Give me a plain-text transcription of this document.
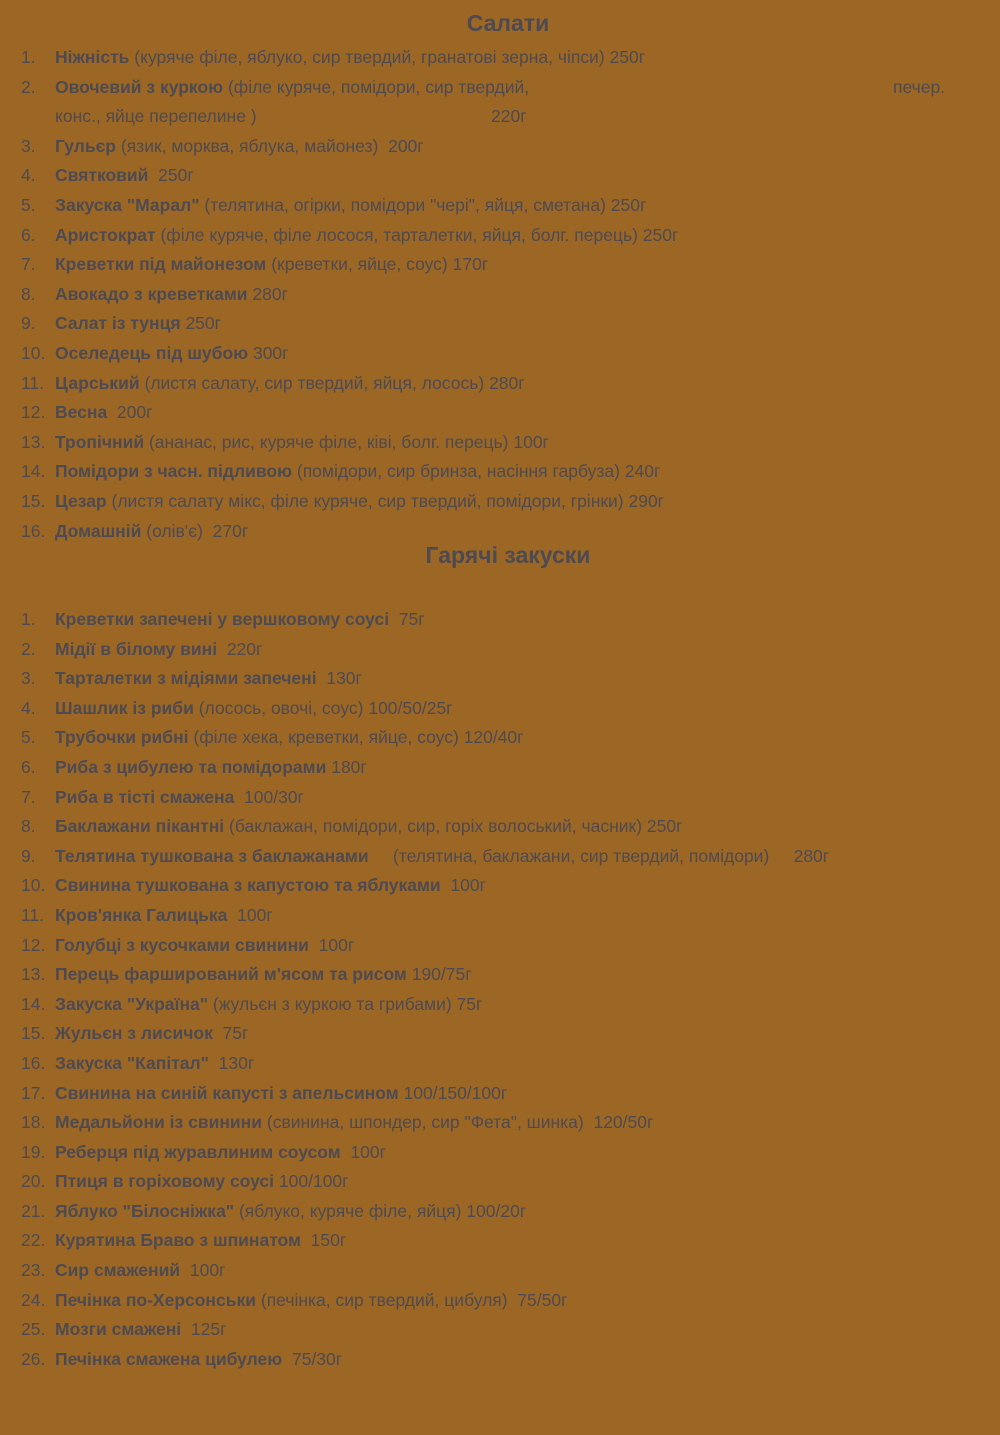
Салати
1. Ніжність (куряче філе, яблуко, сир твердий, гранатові зерна, чіпси) 250г
2. Овочевий з куркою (філе куряче, помідори, сир твердий,	печер.
конс., яйце перепелине )	220г
3. Гульєр (язик, морква, яблука, майонез)  200г
4. Святковий  250г
5. Закуска "Марал" (телятина, огірки, помідори "чері", яйця, сметана) 250г
6. Аристократ (філе куряче, філе лосося, тарталетки, яйця, болг. перець) 250г
7. Креветки під майонезом (креветки, яйце, соус) 170г
8. Авокадо з креветками 280г
9. Салат із тунця 250г
10. Оселедець під шубою 300г
11. Царський (листя салату, сир твердий, яйця, лосось) 280г
12. Весна  200г
13. Тропічний (ананас, рис, куряче філе, ківі, болг. перець) 100г
14. Помідори з часн. підливою (помідори, сир бринза, насіння гарбуза) 240г
15. Цезар (листя салату мікс, філе куряче, сир твердий, помідори, грінки) 290г
16. Домашній (олів'є)  270г
Гарячі закуски
1. Креветки запечені у вершковому соусі  75г
2. Мідії в білому вині  220г
3. Тарталетки з мідіями запечені  130г
4. Шашлик із риби (лосось, овочі, соус) 100/50/25г
5. Трубочки рибні (філе хека, креветки, яйце, соус) 120/40г
6. Риба з цибулею та помідорами 180г
7. Риба в тісті смажена  100/30г
8. Баклажани пікантні (баклажан, помідори, сир, горіх волоський, часник) 250г
9. Телятина тушкована з баклажанами     (телятина, баклажани, сир твердий, помідори)     280г
10. Свинина тушкована з капустою та яблуками  100г
11. Кров'янка Галицька  100г
12. Голубці з кусочками свинини  100г
13. Перець фарширований м'ясом та рисом 190/75г
14. Закуска "Україна" (жульєн з куркою та грибами) 75г
15. Жульєн з лисичок  75г
16. Закуска "Капітал"  130г
17. Свинина на синій капусті з апельсином 100/150/100г
18. Медальйони із свинини (свинина, шпондер, сир "Фета", шинка)  120/50г
19. Реберця під журавлиним соусом  100г
20. Птиця в горіховому соусі 100/100г
21. Яблуко "Білосніжка" (яблуко, куряче філе, яйця) 100/20г
22. Курятина Браво з шпинатом  150г
23. Сир смажений  100г
24. Печінка по-Херсонськи (печінка, сир твердий, цибуля)  75/50г
25. Мозги смажені  125г
26. Печінка смажена цибулею  75/30г
